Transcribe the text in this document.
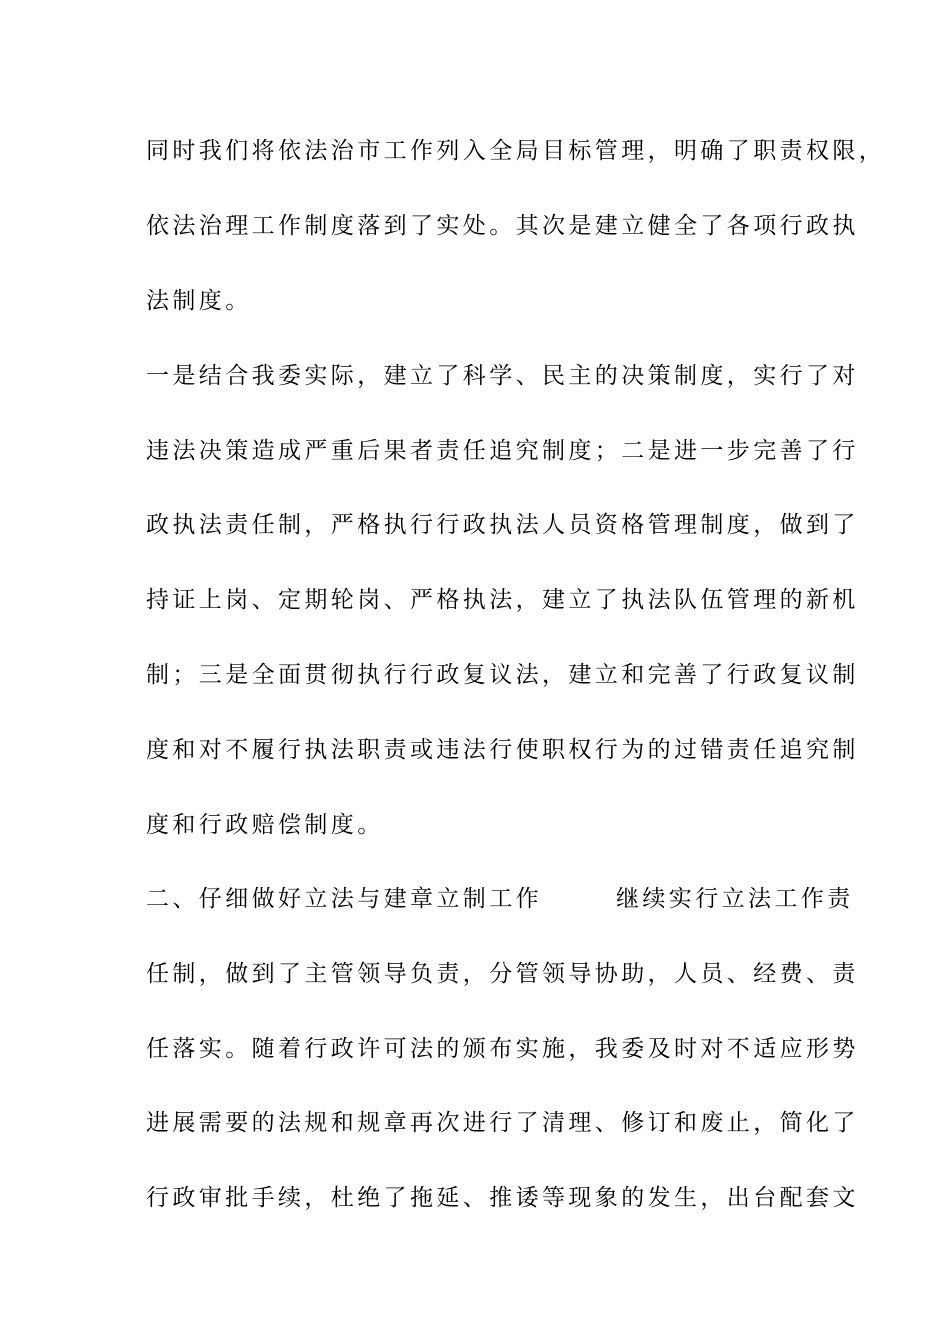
同时我们将依法治市工作列入全局目标管理，明确了职责权限，
依法治理工作制度落到了实处。其次是建立健全了各项行政执
法制度。
一是结合我委实际，建立了科学、民主的决策制度，实行了对
违法决策造成严重后果者责任追究制度；二是进一步完善了行
政执法责任制，严格执行行政执法人员资格管理制度，做到了
持证上岗、定期轮岗、严格执法，建立了执法队伍管理的新机
制；三是全面贯彻执行行政复议法，建立和完善了行政复议制
度和对不履行执法职责或违法行使职权行为的过错责任追究制
度和行政赔偿制度。
二、仔细做好立法与建章立制工作	继续实行立法工作责
任制，做到了主管领导负责，分管领导协助，人员、经费、责
任落实。随着行政许可法的颁布实施，我委及时对不适应形势
进展需要的法规和规章再次进行了清理、修订和废止，简化了
行政审批手续，杜绝了拖延、推诿等现象的发生，出台配套文
